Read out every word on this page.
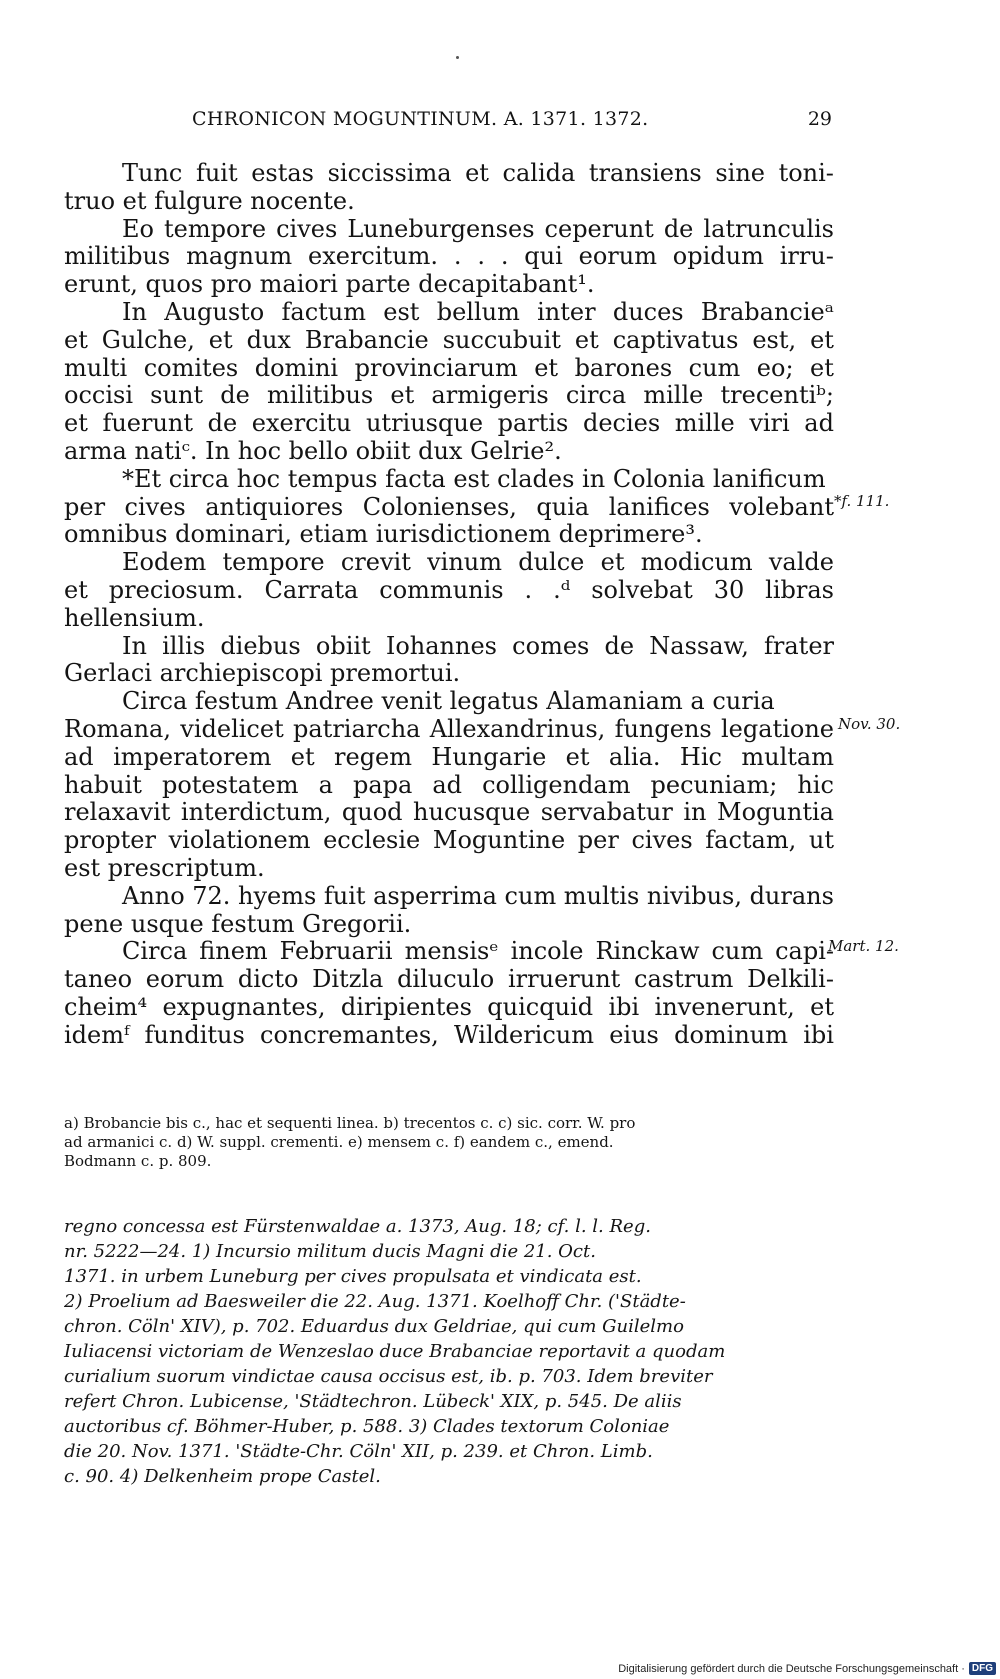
CHRONICON MOGUNTINUM. A. 1371. 1372.	29
Tunc fuit estas siccissima et calida transiens sine toni-
truo et fulgure nocente.
Eo tempore cives Luneburgenses ceperunt de latrunculis
militibus magnum exercitum. . . . qui eorum opidum irru-
erunt, quos pro maiori parte decapitabant¹.
In Augusto factum est bellum inter duces Brabancieᵃ
et Gulche, et dux Brabancie succubuit et captivatus est, et
multi comites domini provinciarum et barones cum eo; et
occisi sunt de militibus et armigeris circa mille trecentiᵇ;
et fuerunt de exercitu utriusque partis decies mille viri ad
arma natiᶜ. In hoc bello obiit dux Gelrie².
*Et circa hoc tempus facta est clades in Colonia lanificum
per cives antiquiores Colonienses, quia lanifices volebant
omnibus dominari, etiam iurisdictionem deprimere³.
Eodem tempore crevit vinum dulce et modicum valde
et preciosum. Carrata communis . .ᵈ solvebat 30 libras
hellensium.
In illis diebus obiit Iohannes comes de Nassaw, frater
Gerlaci archiepiscopi premortui.
Circa festum Andree venit legatus Alamaniam a curia
Romana, videlicet patriarcha Allexandrinus, fungens legatione
ad imperatorem et regem Hungarie et alia. Hic multam
habuit potestatem a papa ad colligendam pecuniam; hic
relaxavit interdictum, quod hucusque servabatur in Moguntia
propter violationem ecclesie Moguntine per cives factam, ut
est prescriptum.
Anno 72. hyems fuit asperrima cum multis nivibus, durans
pene usque festum Gregorii.
Circa finem Februarii mensisᵉ incole Rinckaw cum capi-
taneo eorum dicto Ditzla diluculo irruerunt castrum Delkili-
cheim⁴ expugnantes, diripientes quicquid ibi invenerunt, et
idemᶠ funditus concremantes, Wildericum eius dominum ibi
*f. 111.
Nov. 30.
Mart. 12.
a) Brobancie bis c., hac et sequenti linea. b) trecentos c. c) sic. corr. W. pro
ad armanici c. d) W. suppl. crementi. e) mensem c. f) eandem c., emend.
Bodmann c. p. 809.
regno concessa est Fürstenwaldae a. 1373, Aug. 18; cf. l. l. Reg.
nr. 5222—24. 1) Incursio militum ducis Magni die 21. Oct.
1371. in urbem Luneburg per cives propulsata et vindicata est.
2) Proelium ad Baesweiler die 22. Aug. 1371. Koelhoff Chr. ('Städte-
chron. Cöln' XIV), p. 702. Eduardus dux Geldriae, qui cum Guilelmo
Iuliacensi victoriam de Wenzeslao duce Brabanciae reportavit a quodam
curialium suorum vindictae causa occisus est, ib. p. 703. Idem breviter
refert Chron. Lubicense, 'Städtechron. Lübeck' XIX, p. 545. De aliis
auctoribus cf. Böhmer-Huber, p. 588. 3) Clades textorum Coloniae
die 20. Nov. 1371. 'Städte-Chr. Cöln' XII, p. 239. et Chron. Limb.
c. 90. 4) Delkenheim prope Castel.
Digitalisierung gefördert durch die Deutsche Forschungsgemeinschaft · DFG
